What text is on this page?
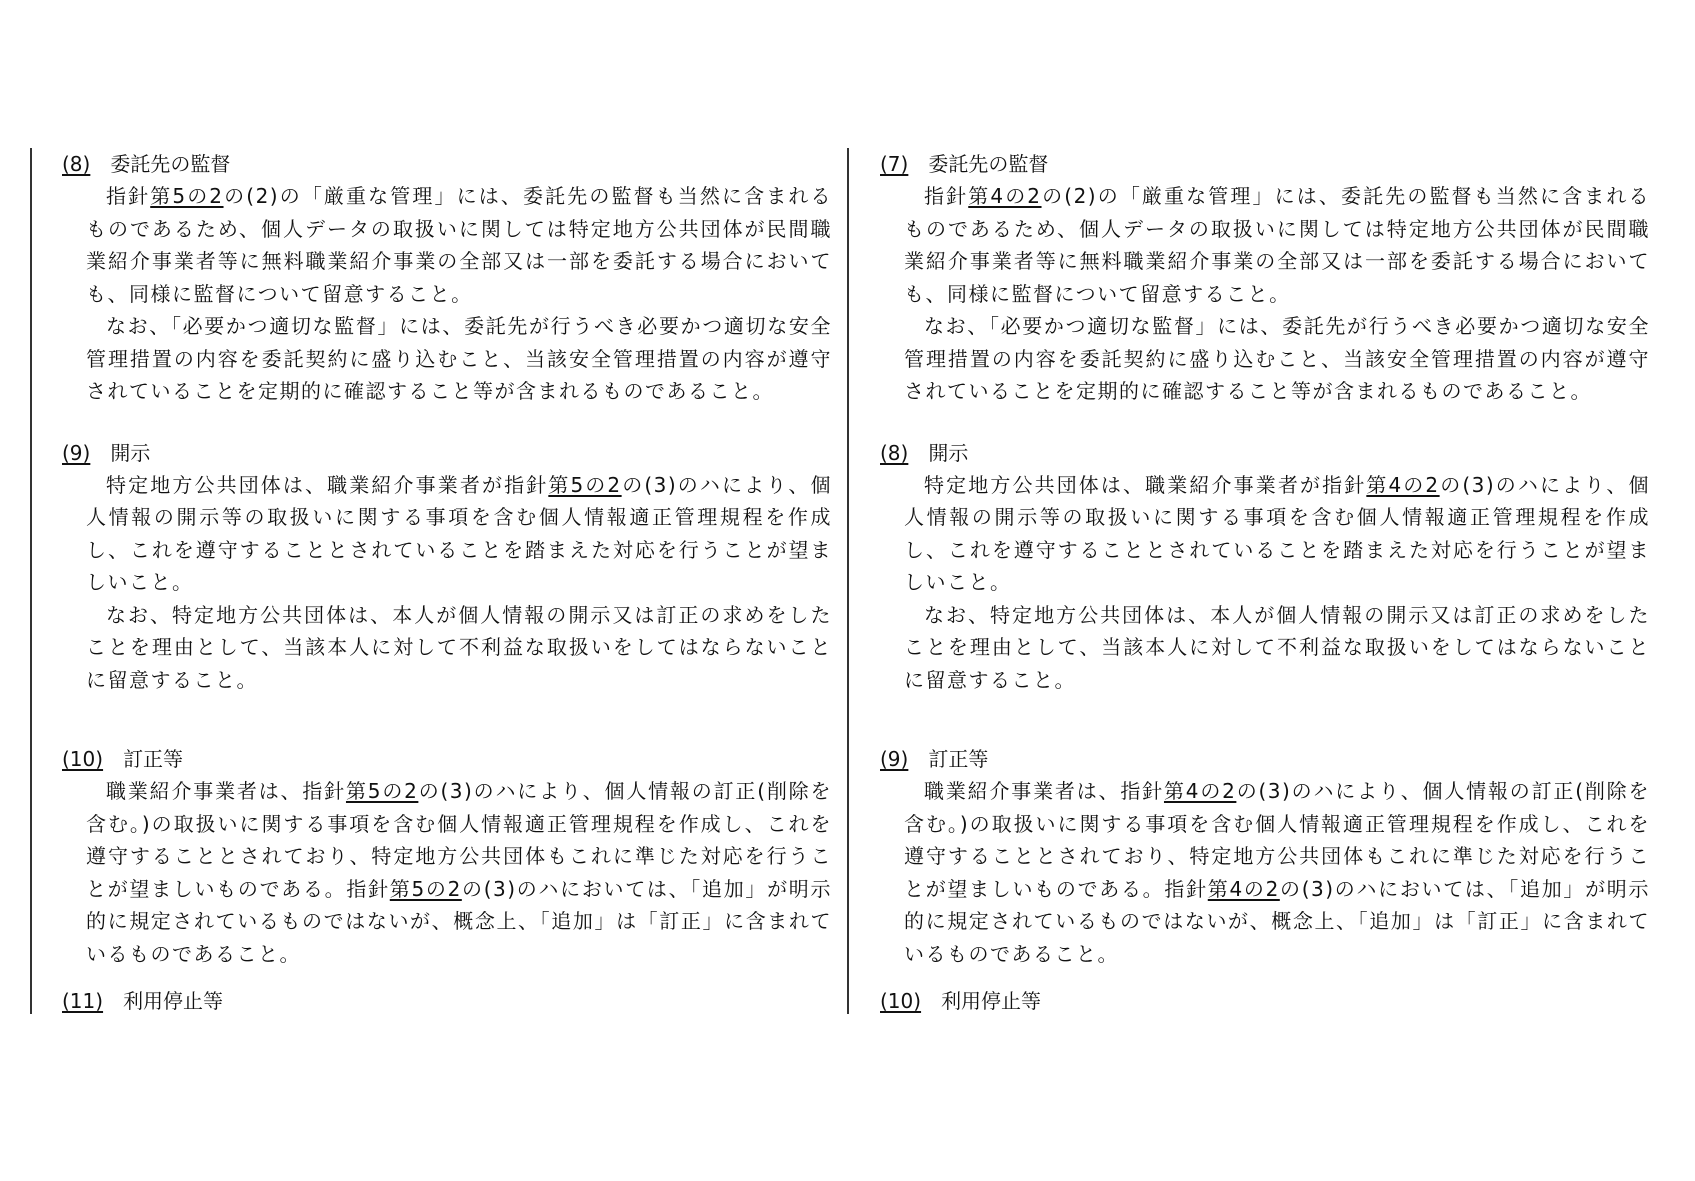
(8) 委託先の監督

指針第5の2の(2)の「厳重な管理」には、委託先の監督も当然に含まれるものであるため、個人データの取扱いに関しては特定地方公共団体が民間職業紹介事業者等に無料職業紹介事業の全部又は一部を委託する場合においても、同様に監督について留意すること。

なお、「必要かつ適切な監督」には、委託先が行うべき必要かつ適切な安全管理措置の内容を委託契約に盛り込むこと、当該安全管理措置の内容が遵守されていることを定期的に確認すること等が含まれるものであること。

(9) 開示

特定地方公共団体は、職業紹介事業者が指針第5の2の(3)のハにより、個人情報の開示等の取扱いに関する事項を含む個人情報適正管理規程を作成し、これを遵守することとされていることを踏まえた対応を行うことが望ましいこと。

なお、特定地方公共団体は、本人が個人情報の開示又は訂正の求めをしたことを理由として、当該本人に対して不利益な取扱いをしてはならないことに留意すること。

(10) 訂正等

職業紹介事業者は、指針第5の2の(3)のハにより、個人情報の訂正(削除を含む。)の取扱いに関する事項を含む個人情報適正管理規程を作成し、これを遵守することとされており、特定地方公共団体もこれに準じた対応を行うことが望ましいものである。指針第5の2の(3)のハにおいては、「追加」が明示的に規定されているものではないが、概念上、「追加」は「訂正」に含まれているものであること。

(11) 利用停止等
(7) 委託先の監督

指針第4の2の(2)の「厳重な管理」には、委託先の監督も当然に含まれるものであるため、個人データの取扱いに関しては特定地方公共団体が民間職業紹介事業者等に無料職業紹介事業の全部又は一部を委託する場合においても、同様に監督について留意すること。

なお、「必要かつ適切な監督」には、委託先が行うべき必要かつ適切な安全管理措置の内容を委託契約に盛り込むこと、当該安全管理措置の内容が遵守されていることを定期的に確認すること等が含まれるものであること。

(8) 開示

特定地方公共団体は、職業紹介事業者が指針第4の2の(3)のハにより、個人情報の開示等の取扱いに関する事項を含む個人情報適正管理規程を作成し、これを遵守することとされていることを踏まえた対応を行うことが望ましいこと。

なお、特定地方公共団体は、本人が個人情報の開示又は訂正の求めをしたことを理由として、当該本人に対して不利益な取扱いをしてはならないことに留意すること。

(9) 訂正等

職業紹介事業者は、指針第4の2の(3)のハにより、個人情報の訂正(削除を含む。)の取扱いに関する事項を含む個人情報適正管理規程を作成し、これを遵守することとされており、特定地方公共団体もこれに準じた対応を行うことが望ましいものである。指針第4の2の(3)のハにおいては、「追加」が明示的に規定されているものではないが、概念上、「追加」は「訂正」に含まれているものであること。

(10) 利用停止等
